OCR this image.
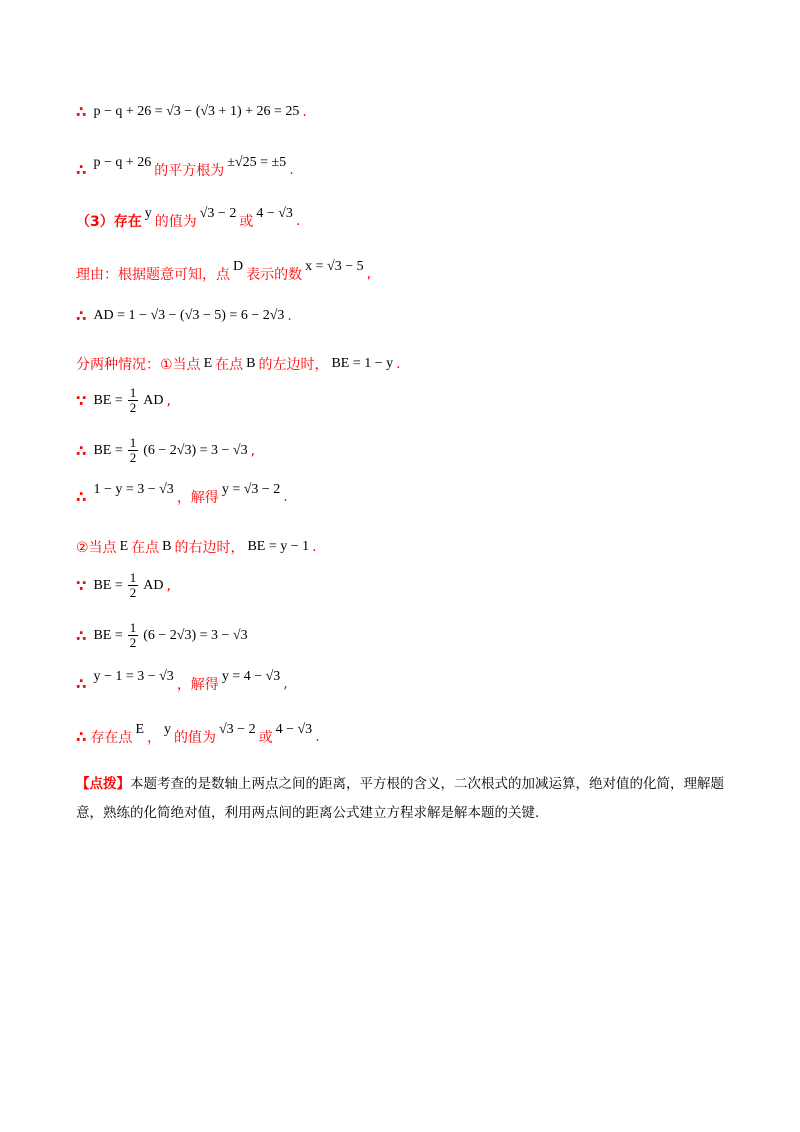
∴ p − q + 26 = √3 − (√3 + 1) + 26 = 25 .
∴ p − q + 26
的平方根为
±√25 = ±5 .
（3）存在
y
的值为
√3 − 2
或
4 − √3 .
理由：根据题意可知，点
D
表示的数
x = √3 − 5 ,
∴ AD = 1 − √3 − (√3 − 5) = 6 − 2√3 .
分两种情况：①当点 E 在点 B 的左边时， BE = 1 − y .
∵ BE = $\frac{1}{2}$ AD ,
∴ BE = $\frac{1}{2} (6 - 2√3) = 3 - √3$ ,
∴ 1 − y = 3 − √3
，解得
y = √3 − 2 .
②当点 E 在点 B 的右边时， BE = y − 1 .
∵ BE = $\frac{1}{2}$ AD ,
∴ BE = $\frac{1}{2} (6 - 2√3) = 3 - √3$
∴ y − 1 = 3 − √3
，解得
y = 4 − √3 ,
∴ 存在点
E
，
y
的值为
√3 − 2
或
4 − √3 .
【点拨】本题考查的是数轴上两点之间的距离，平方根的含义，二次根式的加减运算，绝对值的化简，理解题意，熟练的化简绝对值，利用两点间的距离公式建立方程求解是解本题的关键.
